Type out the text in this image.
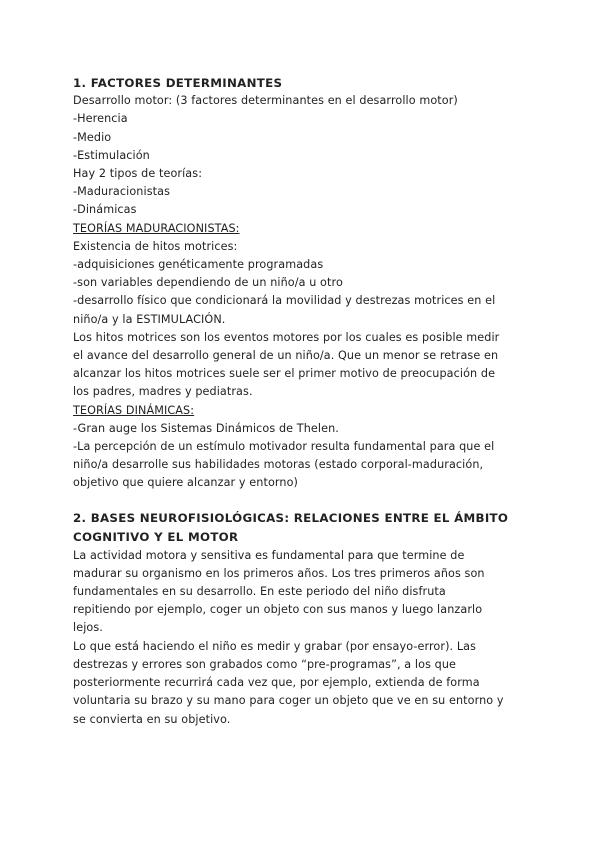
1. FACTORES DETERMINANTES
Desarrollo motor: (3 factores determinantes en el desarrollo motor)
-Herencia
-Medio
-Estimulación
Hay 2 tipos de teorías:
-Maduracionistas
-Dinámicas
TEORÍAS MADURACIONISTAS:
Existencia de hitos motrices:
-adquisiciones genéticamente programadas
-son variables dependiendo de un niño/a u otro
-desarrollo físico que condicionará la movilidad y destrezas motrices en el
niño/a y la ESTIMULACIÓN.
Los hitos motrices son los eventos motores por los cuales es posible medir
el avance del desarrollo general de un niño/a. Que un menor se retrase en
alcanzar los hitos motrices suele ser el primer motivo de preocupación de
los padres, madres y pediatras.
TEORÍAS DINÁMICAS:
-Gran auge los Sistemas Dinámicos de Thelen.
-La percepción de un estímulo motivador resulta fundamental para que el
niño/a desarrolle sus habilidades motoras (estado corporal-maduración,
objetivo que quiere alcanzar y entorno)
2. BASES NEUROFISIOLÓGICAS: RELACIONES ENTRE EL ÁMBITO
COGNITIVO Y EL MOTOR
La actividad motora y sensitiva es fundamental para que termine de
madurar su organismo en los primeros años. Los tres primeros años son
fundamentales en su desarrollo. En este periodo del niño disfruta
repitiendo por ejemplo, coger un objeto con sus manos y luego lanzarlo
lejos.
Lo que está haciendo el niño es medir y grabar (por ensayo-error). Las
destrezas y errores son grabados como “pre-programas”, a los que
posteriormente recurrirá cada vez que, por ejemplo, extienda de forma
voluntaria su brazo y su mano para coger un objeto que ve en su entorno y
se convierta en su objetivo.
